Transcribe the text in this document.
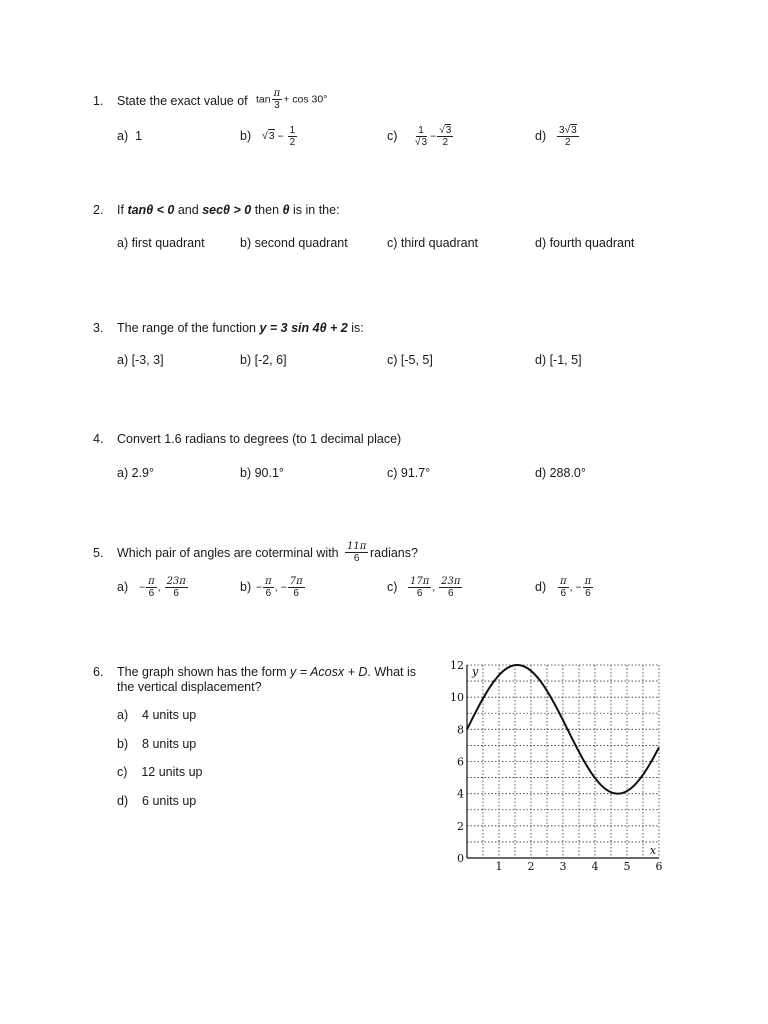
1. State the exact value of $\tan \frac{\pi}{3} + \cos 30^\circ$
a) 1	b) $√3 - \frac{1}{2}$	$c) \frac{1}{√3} - \frac{√3}{2}$	$d) \frac{3√3}{2}$
2. If tanθ < 0 and secθ > 0 then θ is in the:
a) first quadrant	b) second quadrant	c) third quadrant	d) fourth quadrant
3. The range of the function y = 3 sin 4θ + 2 is:
a) [-3, 3]	b) [-2, 6]	c) [-5, 5]	d) [-1, 5]
4. Convert 1.6 radians to degrees (to 1 decimal place)
a) 2.9°	b) 90.1°	c) 91.7°	d) 288.0°
5. Which pair of angles are coterminal with $\frac{11\pi}{6}$ radians?
$a) - \frac{\pi}{6}$ , $\frac{23\pi}{6}$	$b) - \frac{\pi}{6}$ , − $\frac{7\pi}{6}$	$c) \frac{17\pi}{6}$ , $\frac{23\pi}{6}$	$d) \frac{\pi}{6}$ , − $\frac{\pi}{6}$
6. The graph shown has the form y = Acosx + D. What is
the vertical displacement?
a) 4 units up
b) 8 units up
c) 12 units up
d) 6 units up
1 2 3 4 5 6
2
4
6
8
10
12
0
x
y
